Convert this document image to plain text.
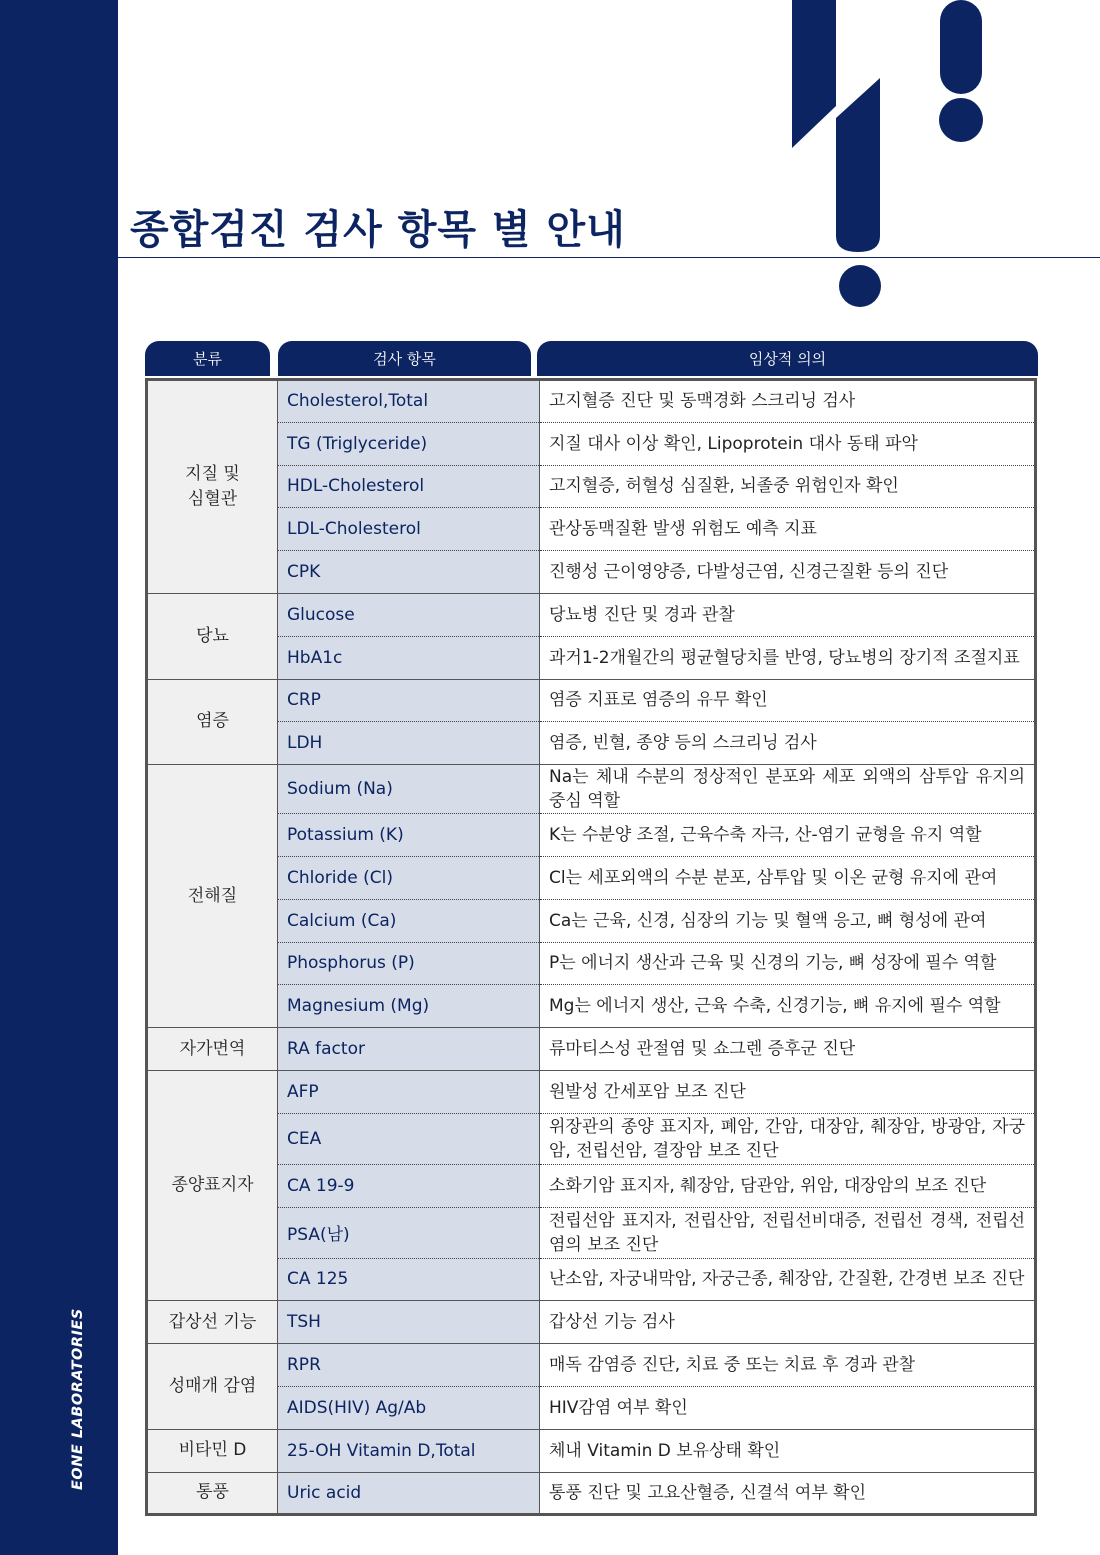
EONE LABORATORIES
종합검진 검사 항목 별 안내
분류	검사 항목	임상적 의의
지질 및
심혈관	Cholesterol,Total	고지혈증 진단 및 동맥경화 스크리닝 검사
	TG (Triglyceride)	지질 대사 이상 확인, Lipoprotein 대사 동태 파악
	HDL-Cholesterol	고지혈증, 허혈성 심질환, 뇌졸중 위험인자 확인
	LDL-Cholesterol	관상동맥질환 발생 위험도 예측 지표
	CPK	진행성 근이영양증, 다발성근염, 신경근질환 등의 진단
당뇨	Glucose	당뇨병 진단 및 경과 관찰
	HbA1c	과거1-2개월간의 평균혈당치를 반영, 당뇨병의 장기적 조절지표
염증	CRP	염증 지표로 염증의 유무 확인
	LDH	염증, 빈혈, 종양 등의 스크리닝 검사
전해질	Sodium (Na)	Na는 체내 수분의 정상적인 분포와 세포 외액의 삼투압 유지의 중심 역할
	Potassium (K)	K는 수분양 조절, 근육수축 자극, 산-염기 균형을 유지 역할
	Chloride (Cl)	Cl는 세포외액의 수분 분포, 삼투압 및 이온 균형 유지에 관여
	Calcium (Ca)	Ca는 근육, 신경, 심장의 기능 및 혈액 응고, 뼈 형성에 관여
	Phosphorus (P)	P는 에너지 생산과 근육 및 신경의 기능, 뼈 성장에 필수 역할
	Magnesium (Mg)	Mg는 에너지 생산, 근육 수축, 신경기능, 뼈 유지에 필수 역할
자가면역	RA factor	류마티스성 관절염 및 쇼그렌 증후군 진단
종양표지자	AFP	원발성 간세포암 보조 진단
	CEA	위장관의 종양 표지자, 폐암, 간암, 대장암, 췌장암, 방광암, 자궁암, 전립선암, 결장암 보조 진단
	CA 19-9	소화기암 표지자, 췌장암, 담관암, 위암, 대장암의 보조 진단
	PSA(남)	전립선암 표지자, 전립산암, 전립선비대증, 전립선 경색, 전립선염의 보조 진단
	CA 125	난소암, 자궁내막암, 자궁근종, 췌장암, 간질환, 간경변 보조 진단
갑상선 기능	TSH	갑상선 기능 검사
성매개 감염	RPR	매독 감염증 진단, 치료 중 또는 치료 후 경과 관찰
	AIDS(HIV) Ag/Ab	HIV감염 여부 확인
비타민 D	25-OH Vitamin D,Total	체내 Vitamin D 보유상태 확인
통풍	Uric acid	통풍 진단 및 고요산혈증, 신결석 여부 확인
